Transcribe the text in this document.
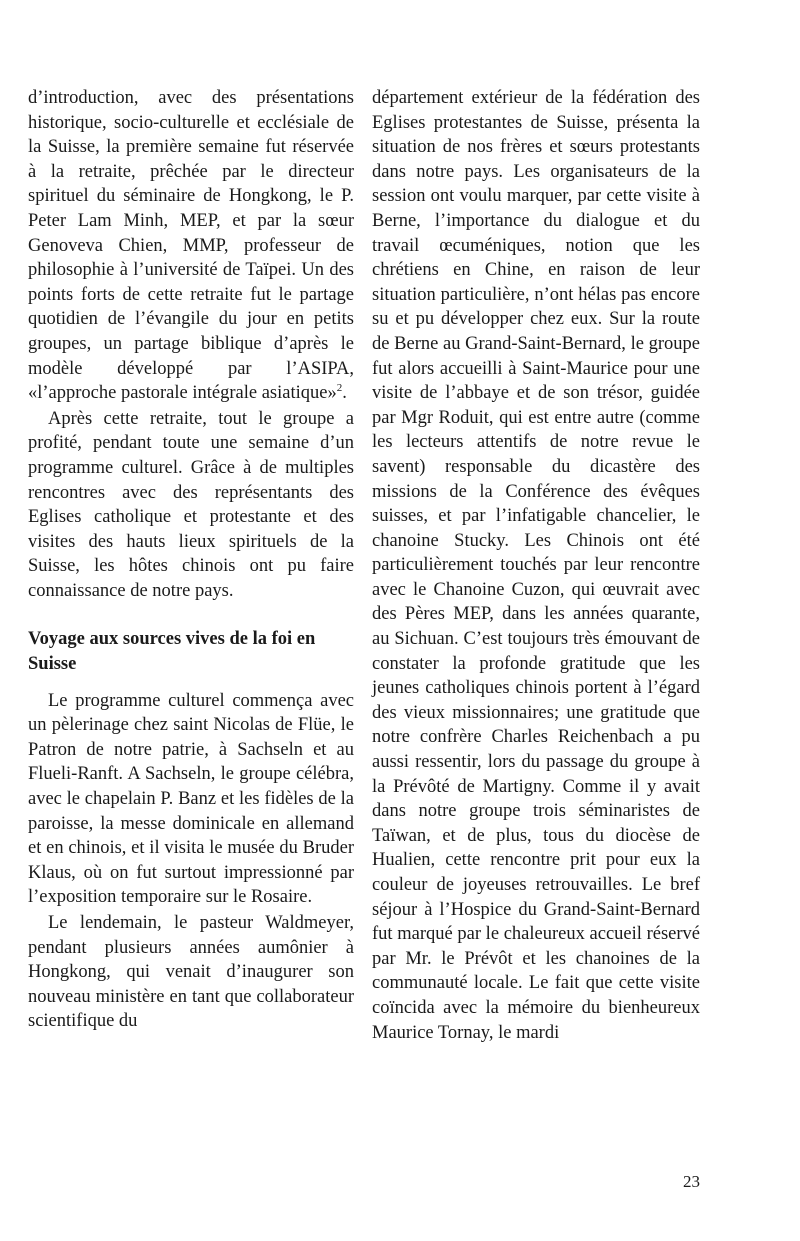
d’introduction, avec des présentations historique, socio-culturelle et ecclésiale de la Suisse, la première semaine fut réservée à la retraite, prêchée par le directeur spirituel du séminaire de Hongkong, le P. Peter Lam Minh, MEP, et par la sœur Genoveva Chien, MMP, professeur de philosophie à l’université de Taïpei. Un des points forts de cette retraite fut le partage quotidien de l’évangile du jour en petits groupes, un partage biblique d’après le modèle développé par l’ASIPA, «l’approche pastorale intégrale asiatique»$^2$.

Après cette retraite, tout le groupe a profité, pendant toute une semaine d’un programme culturel. Grâce à de multiples rencontres avec des représentants des Eglises catholique et protestante et des visites des hauts lieux spirituels de la Suisse, les hôtes chinois ont pu faire connaissance de notre pays.

Voyage aux sources vives de la foi en Suisse

Le programme culturel commença avec un pèlerinage chez saint Nicolas de Flüe, le Patron de notre patrie, à Sachseln et au Flueli-Ranft. A Sachseln, le groupe célébra, avec le chapelain P. Banz et les fidèles de la paroisse, la messe dominicale en allemand et en chinois, et il visita le musée du Bruder Klaus, où on fut surtout impressionné par l’exposition temporaire sur le Rosaire.

Le lendemain, le pasteur Waldmeyer, pendant plusieurs années aumônier à Hongkong, qui venait d’inaugurer son nouveau ministère en tant que collaborateur scientifique du

département extérieur de la fédération des Eglises protestantes de Suisse, présenta la situation de nos frères et sœurs protestants dans notre pays. Les organisateurs de la session ont voulu marquer, par cette visite à Berne, l’importance du dialogue et du travail œcuméniques, notion que les chrétiens en Chine, en raison de leur situation particulière, n’ont hélas pas encore su et pu développer chez eux. Sur la route de Berne au Grand-Saint-Bernard, le groupe fut alors accueilli à Saint-Maurice pour une visite de l’abbaye et de son trésor, guidée par Mgr Roduit, qui est entre autre (comme les lecteurs attentifs de notre revue le savent) responsable du dicastère des missions de la Conférence des évêques suisses, et par l’infatigable chancelier, le chanoine Stucky. Les Chinois ont été particulièrement touchés par leur rencontre avec le Chanoine Cuzon, qui œuvrait avec des Pères MEP, dans les années quarante, au Sichuan. C’est toujours très émouvant de constater la profonde gratitude que les jeunes catholiques chinois portent à l’égard des vieux missionnaires; une gratitude que notre confrère Charles Reichenbach a pu aussi ressentir, lors du passage du groupe à la Prévôté de Martigny. Comme il y avait dans notre groupe trois séminaristes de Taïwan, et de plus, tous du diocèse de Hualien, cette rencontre prit pour eux la couleur de joyeuses retrouvailles. Le bref séjour à l’Hospice du Grand-Saint-Bernard fut marqué par le chaleureux accueil réservé par Mr. le Prévôt et les chanoines de la communauté locale. Le fait que cette visite coïncida avec la mémoire du bienheureux Maurice Tornay, le mardi

23
